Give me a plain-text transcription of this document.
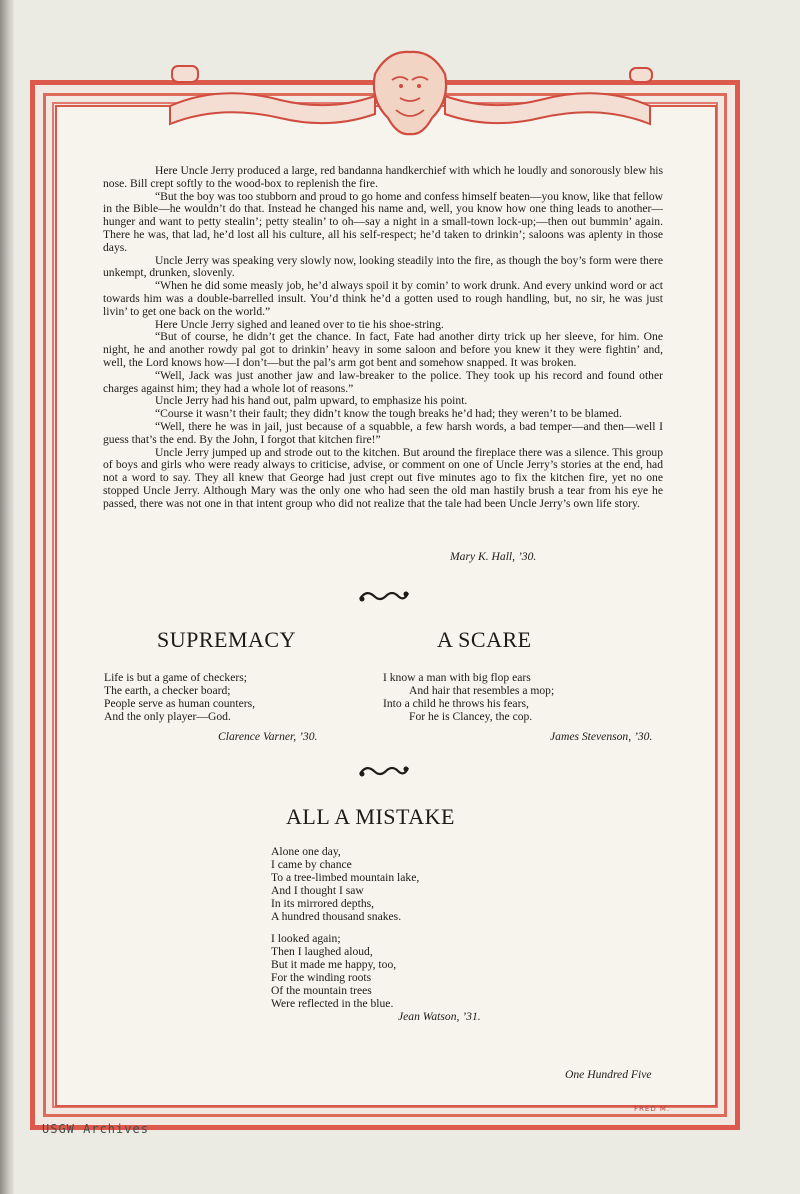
Here Uncle Jerry produced a large, red bandanna handkerchief with which he loudly and sonorously blew his nose. Bill crept softly to the wood-box to replenish the fire.

“But the boy was too stubborn and proud to go home and confess himself beaten—you know, like that fellow in the Bible—he wouldn’t do that. Instead he changed his name and, well, you know how one thing leads to another—hunger and want to petty stealin’; petty stealin’ to oh—say a night in a small-town lock-up;—then out bummin’ again. There he was, that lad, he’d lost all his culture, all his self-respect; he’d taken to drinkin’; saloons was aplenty in those days.

Uncle Jerry was speaking very slowly now, looking steadily into the fire, as though the boy’s form were there unkempt, drunken, slovenly.

“When he did some measly job, he’d always spoil it by comin’ to work drunk. And every unkind word or act towards him was a double-barrelled insult. You’d think he’d a gotten used to rough handling, but, no sir, he was just livin’ to get one back on the world.”

Here Uncle Jerry sighed and leaned over to tie his shoe-string.

“But of course, he didn’t get the chance. In fact, Fate had another dirty trick up her sleeve, for him. One night, he and another rowdy pal got to drinkin’ heavy in some saloon and before you knew it they were fightin’ and, well, the Lord knows how—I don’t—but the pal’s arm got bent and somehow snapped. It was broken.

“Well, Jack was just another jaw and law-breaker to the police. They took up his record and found other charges against him; they had a whole lot of reasons.”

Uncle Jerry had his hand out, palm upward, to emphasize his point.

“Course it wasn’t their fault; they didn’t know the tough breaks he’d had; they weren’t to be blamed.

“Well, there he was in jail, just because of a squabble, a few harsh words, a bad temper—and then—well I guess that’s the end. By the John, I forgot that kitchen fire!”

Uncle Jerry jumped up and strode out to the kitchen. But around the fireplace there was a silence. This group of boys and girls who were ready always to criticise, advise, or comment on one of Uncle Jerry’s stories at the end, had not a word to say. They all knew that George had just crept out five minutes ago to fix the kitchen fire, yet no one stopped Uncle Jerry. Although Mary was the only one who had seen the old man hastily brush a tear from his eye he passed, there was not one in that intent group who did not realize that the tale had been Uncle Jerry’s own life story.

Mary K. Hall, ’30.
SUPREMACY	A SCARE
Life is but a game of checkers;
The earth, a checker board;
People serve as human counters,
And the only player—God.
Clarence Varner, ’30.
I know a man with big flop ears
And hair that resembles a mop;
Into a child he throws his fears,
For he is Clancey, the cop.
James Stevenson, ’30.
ALL A MISTAKE
Alone one day,
I came by chance
To a tree-limbed mountain lake,
And I thought I saw
In its mirrored depths,
A hundred thousand snakes.
I looked again;
Then I laughed aloud,
But it made me happy, too,
For the winding roots
Of the mountain trees
Were reflected in the blue.
Jean Watson, ’31.
One Hundred Five
FRED M.
USGW Archives
